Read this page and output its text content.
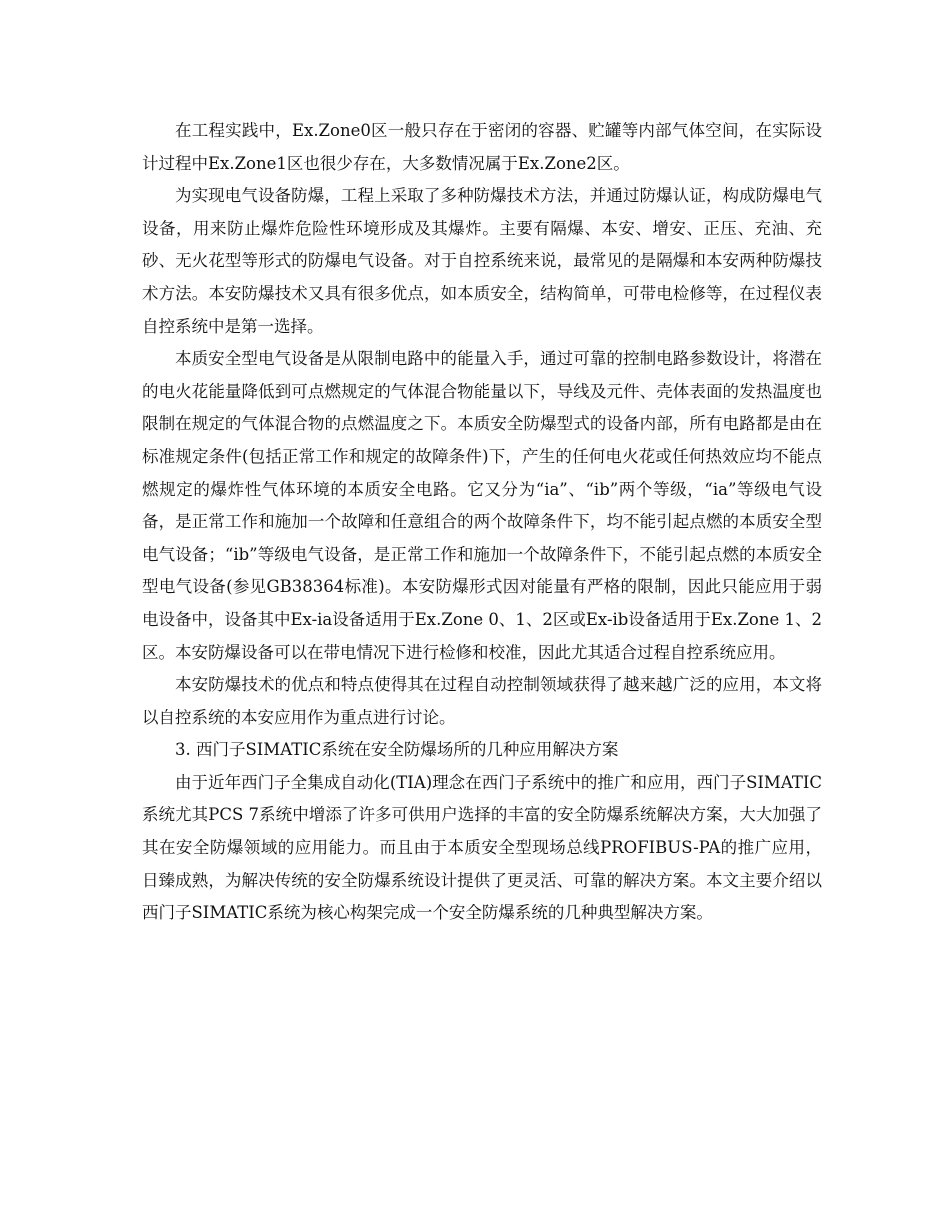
在工程实践中，Ex.Zone0区一般只存在于密闭的容器、贮罐等内部气体空间，在实际设计过程中Ex.Zone1区也很少存在，大多数情况属于Ex.Zone2区。

为实现电气设备防爆，工程上采取了多种防爆技术方法，并通过防爆认证，构成防爆电气设备，用来防止爆炸危险性环境形成及其爆炸。主要有隔爆、本安、增安、正压、充油、充砂、无火花型等形式的防爆电气设备。对于自控系统来说，最常见的是隔爆和本安两种防爆技术方法。本安防爆技术又具有很多优点，如本质安全，结构简单，可带电检修等，在过程仪表自控系统中是第一选择。

本质安全型电气设备是从限制电路中的能量入手，通过可靠的控制电路参数设计，将潜在的电火花能量降低到可点燃规定的气体混合物能量以下，导线及元件、壳体表面的发热温度也限制在规定的气体混合物的点燃温度之下。本质安全防爆型式的设备内部，所有电路都是由在标准规定条件(包括正常工作和规定的故障条件)下，产生的任何电火花或任何热效应均不能点燃规定的爆炸性气体环境的本质安全电路。它又分为“ia”、“ib”两个等级，“ia”等级电气设备，是正常工作和施加一个故障和任意组合的两个故障条件下，均不能引起点燃的本质安全型电气设备；“ib”等级电气设备，是正常工作和施加一个故障条件下，不能引起点燃的本质安全型电气设备(参见GB38364标准)。本安防爆形式因对能量有严格的限制，因此只能应用于弱电设备中，设备其中Ex-ia设备适用于Ex.Zone 0、1、2区或Ex-ib设备适用于Ex.Zone 1、2区。本安防爆设备可以在带电情况下进行检修和校准，因此尤其适合过程自控系统应用。

本安防爆技术的优点和特点使得其在过程自动控制领域获得了越来越广泛的应用，本文将以自控系统的本安应用作为重点进行讨论。

3. 西门子SIMATIC系统在安全防爆场所的几种应用解决方案

由于近年西门子全集成自动化(TIA)理念在西门子系统中的推广和应用，西门子SIMATIC系统尤其PCS 7系统中增添了许多可供用户选择的丰富的安全防爆系统解决方案，大大加强了其在安全防爆领域的应用能力。而且由于本质安全型现场总线PROFIBUS-PA的推广应用，日臻成熟，为解决传统的安全防爆系统设计提供了更灵活、可靠的解决方案。本文主要介绍以西门子SIMATIC系统为核心构架完成一个安全防爆系统的几种典型解决方案。
